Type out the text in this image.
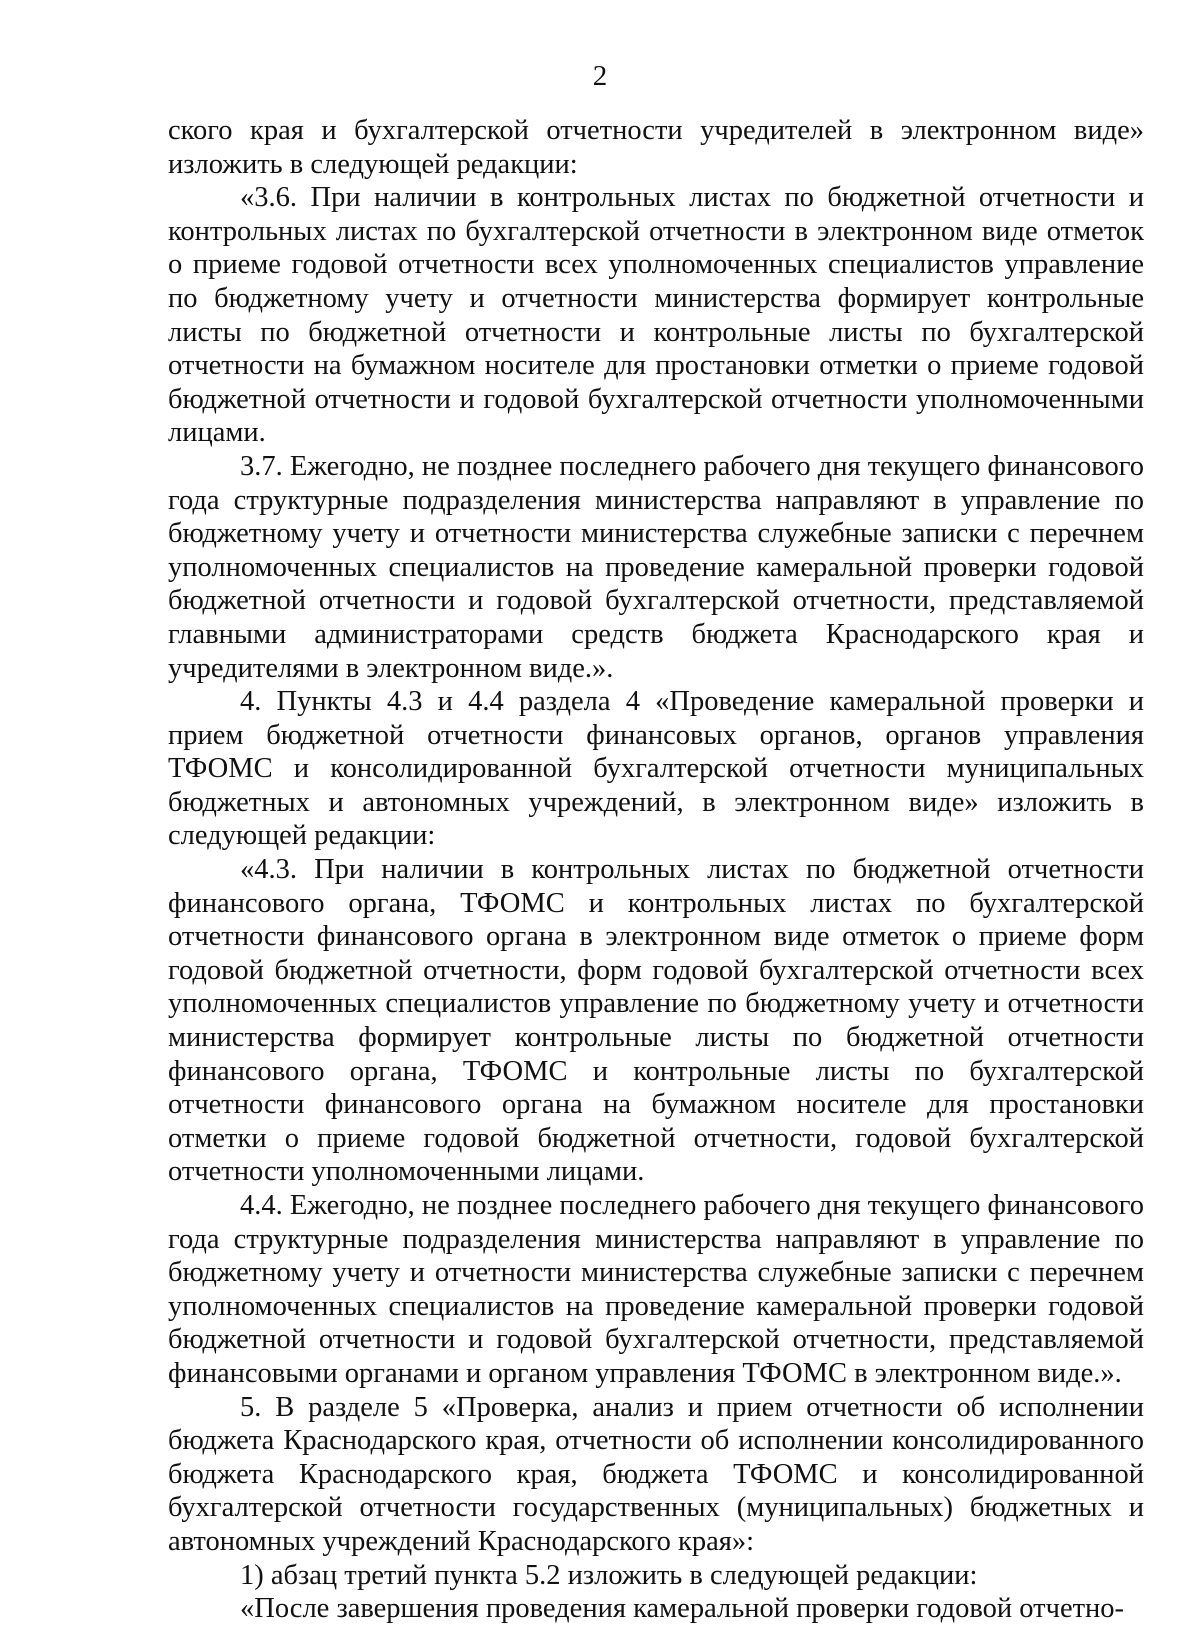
2

ского края и бухгалтерской отчетности учредителей в электронном виде» изложить в следующей редакции:

«3.6. При наличии в контрольных листах по бюджетной отчетности и контрольных листах по бухгалтерской отчетности в электронном виде отметок о приеме годовой отчетности всех уполномоченных специалистов управление по бюджетному учету и отчетности министерства формирует контрольные листы по бюджетной отчетности и контрольные листы по бухгалтерской отчетности на бумажном носителе для простановки отметки о приеме годовой бюджетной отчетности и годовой бухгалтерской отчетности уполномоченными лицами.

3.7. Ежегодно, не позднее последнего рабочего дня текущего финансового года структурные подразделения министерства направляют в управление по бюджетному учету и отчетности министерства служебные записки с перечнем уполномоченных специалистов на проведение камеральной проверки годовой бюджетной отчетности и годовой бухгалтерской отчетности, представляемой главными администраторами средств бюджета Краснодарского края и учредителями в электронном виде.».

4. Пункты 4.3 и 4.4 раздела 4 «Проведение камеральной проверки и прием бюджетной отчетности финансовых органов, органов управления ТФОМС и консолидированной бухгалтерской отчетности муниципальных бюджетных и автономных учреждений, в электронном виде» изложить в следующей редакции:

«4.3. При наличии в контрольных листах по бюджетной отчетности финансового органа, ТФОМС и контрольных листах по бухгалтерской отчетности финансового органа в электронном виде отметок о приеме форм годовой бюджетной отчетности, форм годовой бухгалтерской отчетности всех уполномоченных специалистов управление по бюджетному учету и отчетности министерства формирует контрольные листы по бюджетной отчетности финансового органа, ТФОМС и контрольные листы по бухгалтерской отчетности финансового органа на бумажном носителе для простановки отметки о приеме годовой бюджетной отчетности, годовой бухгалтерской отчетности уполномоченными лицами.

4.4. Ежегодно, не позднее последнего рабочего дня текущего финансового года структурные подразделения министерства направляют в управление по бюджетному учету и отчетности министерства служебные записки с перечнем уполномоченных специалистов на проведение камеральной проверки годовой бюджетной отчетности и годовой бухгалтерской отчетности, представляемой финансовыми органами и органом управления ТФОМС в электронном виде.».

5. В разделе 5 «Проверка, анализ и прием отчетности об исполнении бюджета Краснодарского края, отчетности об исполнении консолидированного бюджета Краснодарского края, бюджета ТФОМС и консолидированной бухгалтерской отчетности государственных (муниципальных) бюджетных и автономных учреждений Краснодарского края»:

1) абзац третий пункта 5.2 изложить в следующей редакции:

«После завершения проведения камеральной проверки годовой отчетно-
